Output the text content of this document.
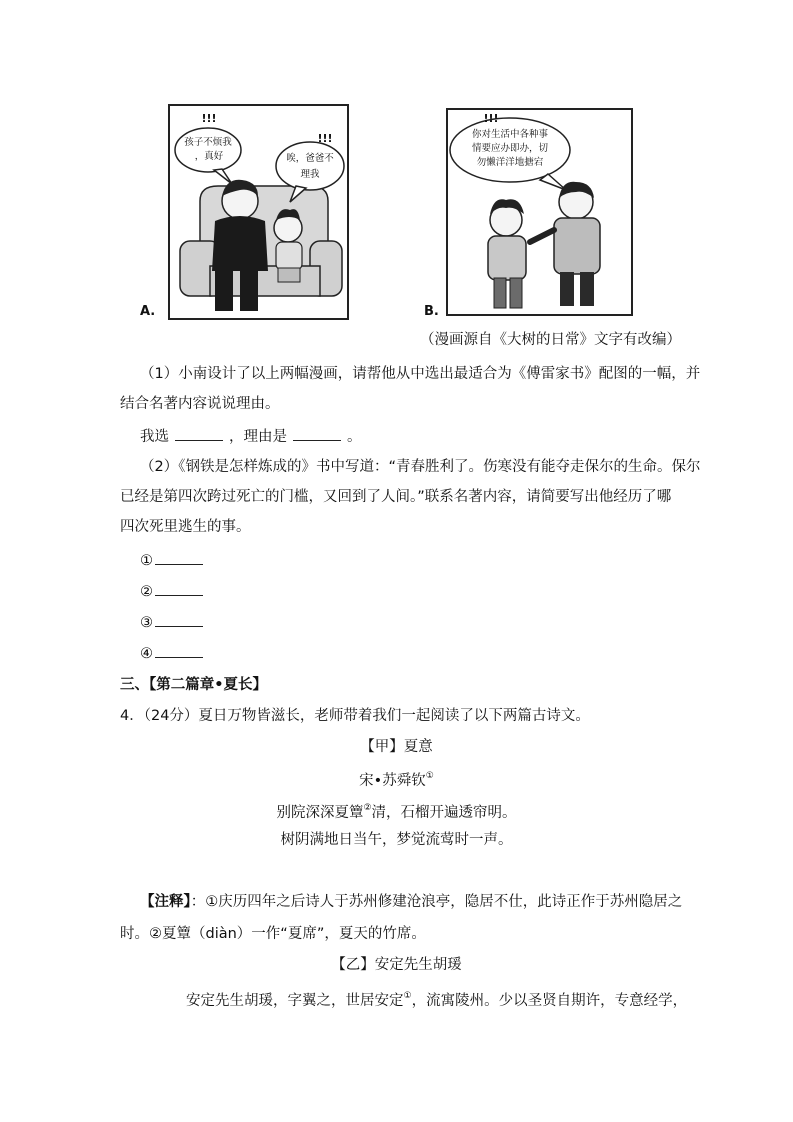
!!!
孩子不烦我
，真好
!!!
唉，爸爸不
理我
A.
!!!
你对生活中各种事
情要应办即办，切
勿懒洋洋地搪宕
B.
（漫画源自《大树的日常》文字有改编）
（1）小南设计了以上两幅漫画，请帮他从中选出最适合为《傅雷家书》配图的一幅，并
结合名著内容说说理由。
我选	，理由是	。
（2）《钢铁是怎样炼成的》书中写道：“青春胜利了。伤寒没有能夺走保尔的生命。保尔
已经是第四次跨过死亡的门槛，又回到了人间。”联系名著内容，请简要写出他经历了哪
四次死里逃生的事。
①
②
③
④
三、【第二篇章•夏长】
4．（24分）夏日万物皆滋长，老师带着我们一起阅读了以下两篇古诗文。
【甲】夏意
宋•苏舜钦①
别院深深夏簟②清，石榴开遍透帘明。
树阴满地日当午，梦觉流莺时一声。
【注释】：①庆历四年之后诗人于苏州修建沧浪亭，隐居不仕，此诗正作于苏州隐居之
时。②夏簟（diàn）一作“夏席”，夏天的竹席。
【乙】安定先生胡瑗
安定先生胡瑗，字翼之，世居安定①，流寓陵州。少以圣贤自期许，专意经学，
